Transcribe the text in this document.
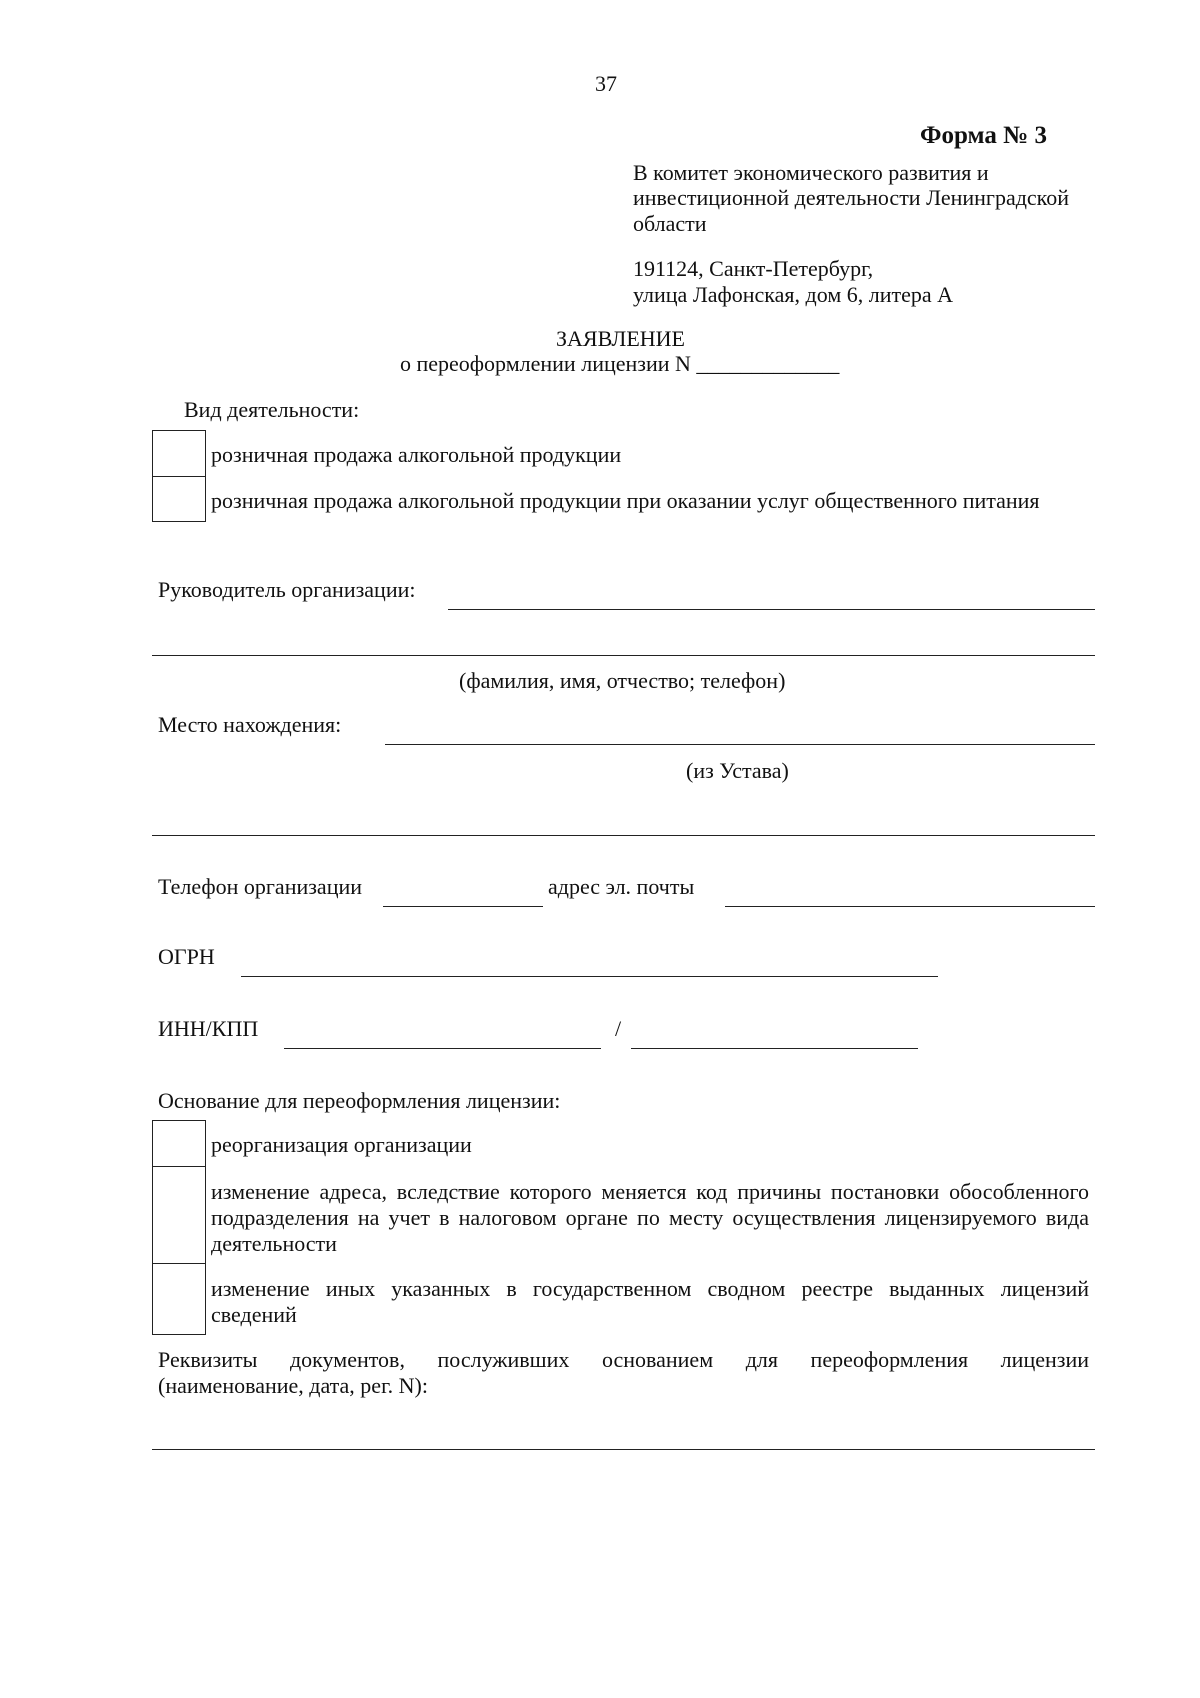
37
Форма № 3
В комитет экономического развития и
инвестиционной деятельности Ленинградской
области
191124, Санкт-Петербург,
улица Лафонская, дом 6, литера А
ЗАЯВЛЕНИЕ
о переоформлении лицензии N _____________
Вид деятельности:
розничная продажа алкогольной продукции
розничная продажа алкогольной продукции при оказании услуг общественного питания
Руководитель организации:
(фамилия, имя, отчество; телефон)
Место нахождения:
(из Устава)
Телефон организации	адрес эл. почты
ОГРН
ИНН/КПП	/
Основание для переоформления лицензии:
реорганизация организации
изменение адреса, вследствие которого меняется код причины постановки обособленного
подразделения на учет в налоговом органе по месту осуществления лицензируемого вида
деятельности
изменение иных указанных в государственном сводном реестре выданных лицензий
сведений
Реквизиты документов, послуживших основанием для переоформления лицензии
(наименование, дата, рег. N):
